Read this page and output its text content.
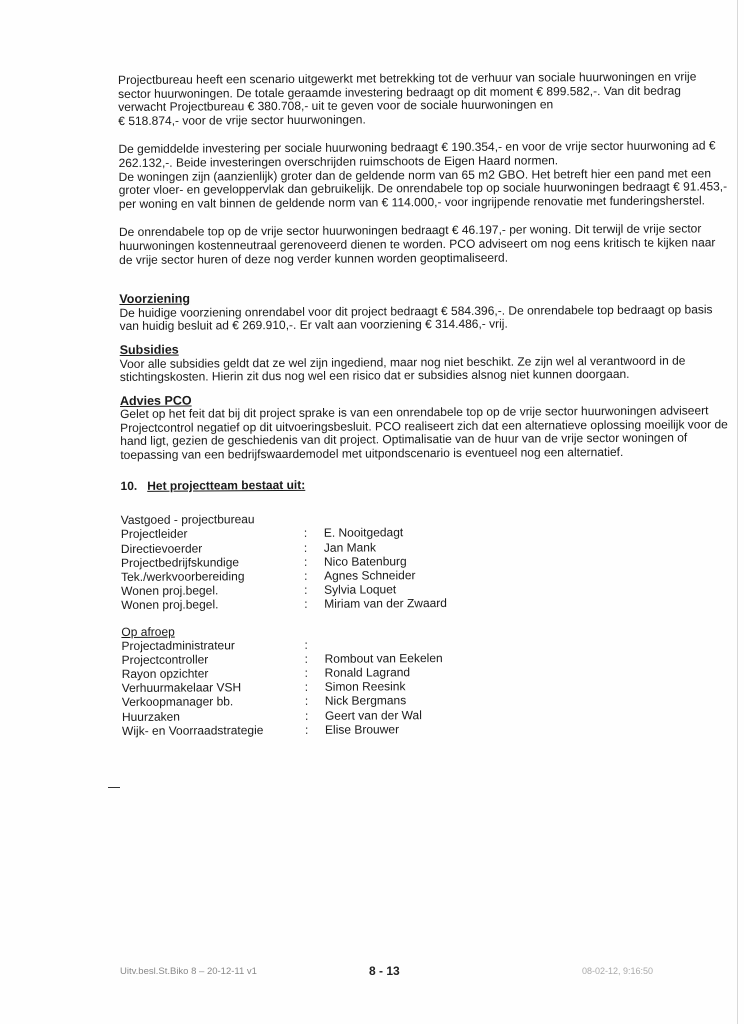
Projectbureau heeft een scenario uitgewerkt met betrekking tot de verhuur van sociale huurwoningen en vrije
sector huurwoningen. De totale geraamde investering bedraagt op dit moment € 899.582,-. Van dit bedrag
verwacht Projectbureau € 380.708,- uit te geven voor de sociale huurwoningen en
€ 518.874,- voor de vrije sector huurwoningen.
De gemiddelde investering per sociale huurwoning bedraagt € 190.354,- en voor de vrije sector huurwoning ad €
262.132,-. Beide investeringen overschrijden ruimschoots de Eigen Haard normen.
De woningen zijn (aanzienlijk) groter dan de geldende norm van 65 m2 GBO. Het betreft hier een pand met een
groter vloer- en geveloppervlak dan gebruikelijk. De onrendabele top op sociale huurwoningen bedraagt € 91.453,-
per woning en valt binnen de geldende norm van € 114.000,- voor ingrijpende renovatie met funderingsherstel.
De onrendabele top op de vrije sector huurwoningen bedraagt € 46.197,- per woning. Dit terwijl de vrije sector
huurwoningen kostenneutraal gerenoveerd dienen te worden. PCO adviseert om nog eens kritisch te kijken naar
de vrije sector huren of deze nog verder kunnen worden geoptimaliseerd.
Voorziening
De huidige voorziening onrendabel voor dit project bedraagt € 584.396,-. De onrendabele top bedraagt op basis
van huidig besluit ad € 269.910,-. Er valt aan voorziening € 314.486,- vrij.
Subsidies
Voor alle subsidies geldt dat ze wel zijn ingediend, maar nog niet beschikt. Ze zijn wel al verantwoord in de
stichtingskosten. Hierin zit dus nog wel een risico dat er subsidies alsnog niet kunnen doorgaan.
Advies PCO
Gelet op het feit dat bij dit project sprake is van een onrendabele top op de vrije sector huurwoningen adviseert
Projectcontrol negatief op dit uitvoeringsbesluit. PCO realiseert zich dat een alternatieve oplossing moeilijk voor de
hand ligt, gezien de geschiedenis van dit project. Optimalisatie van de huur van de vrije sector woningen of
toepassing van een bedrijfswaardemodel met uitpondscenario is eventueel nog een alternatief.
10. Het projectteam bestaat uit:
Vastgoed - projectbureau
Projectleider	:	E. Nooitgedagt
Directievoerder	:	Jan Mank
Projectbedrijfskundige	:	Nico Batenburg
Tek./werkvoorbereiding	:	Agnes Schneider
Wonen proj.begel.	:	Sylvia Loquet
Wonen proj.begel.	:	Miriam van der Zwaard
Op afroep
Projectadministrateur	:
Projectcontroller	:	Rombout van Eekelen
Rayon opzichter	:	Ronald Lagrand
Verhuurmakelaar VSH	:	Simon Reesink
Verkoopmanager bb.	:	Nick Bergmans
Huurzaken	:	Geert van der Wal
Wijk- en Voorraadstrategie	:	Elise Brouwer
Uitv.besl.St.Biko 8 – 20-12-11 v1	8 - 13	08-02-12, 9:16:50
